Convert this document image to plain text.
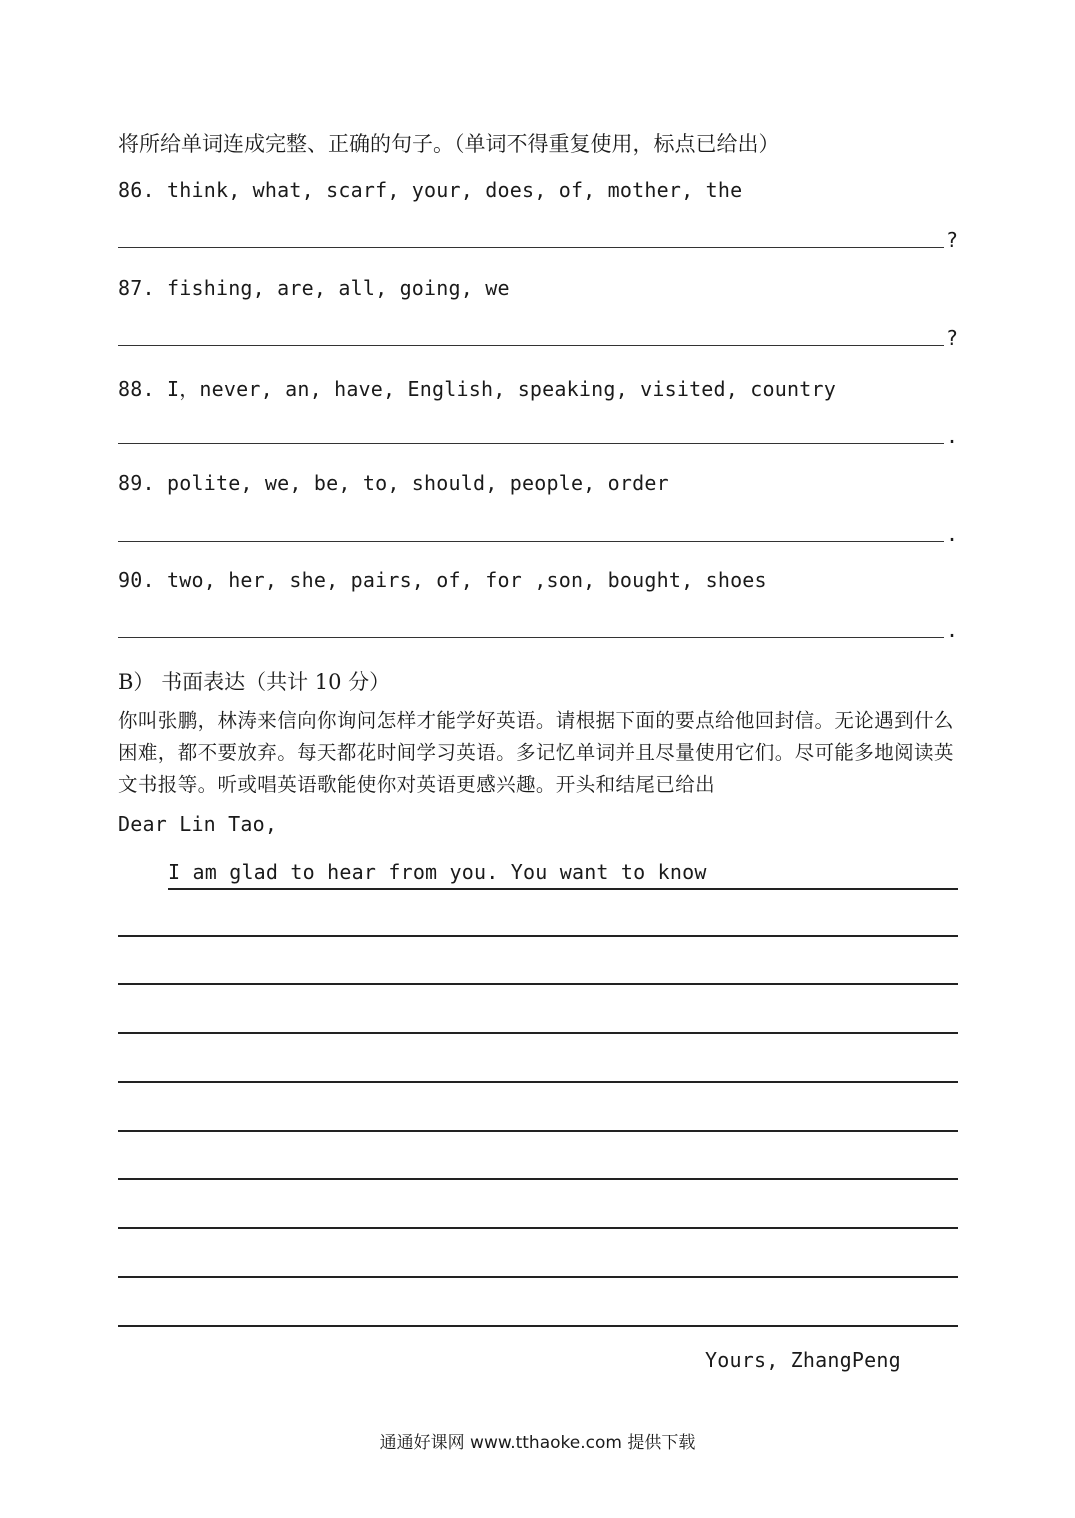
将所给单词连成完整、正确的句子。（单词不得重复使用，标点已给出）
86. think, what, scarf, your, does, of, mother, the
?
87. fishing, are, all, going, we
?
88. I，never, an, have, English, speaking, visited, country
.
89. polite, we, be, to, should, people, order
.
90. two, her, she, pairs, of, for ,son, bought, shoes
.
B） 书面表达（共计 10 分）
你叫张鹏，林涛来信向你询问怎样才能学好英语。请根据下面的要点给他回封信。无论遇到什么困难，都不要放弃。每天都花时间学习英语。多记忆单词并且尽量使用它们。尽可能多地阅读英文书报等。听或唱英语歌能使你对英语更感兴趣。开头和结尾已给出
Dear Lin Tao,
I am glad to hear from you. You want to know
Yours, ZhangPeng
通通好课网 www.tthaoke.com 提供下载
